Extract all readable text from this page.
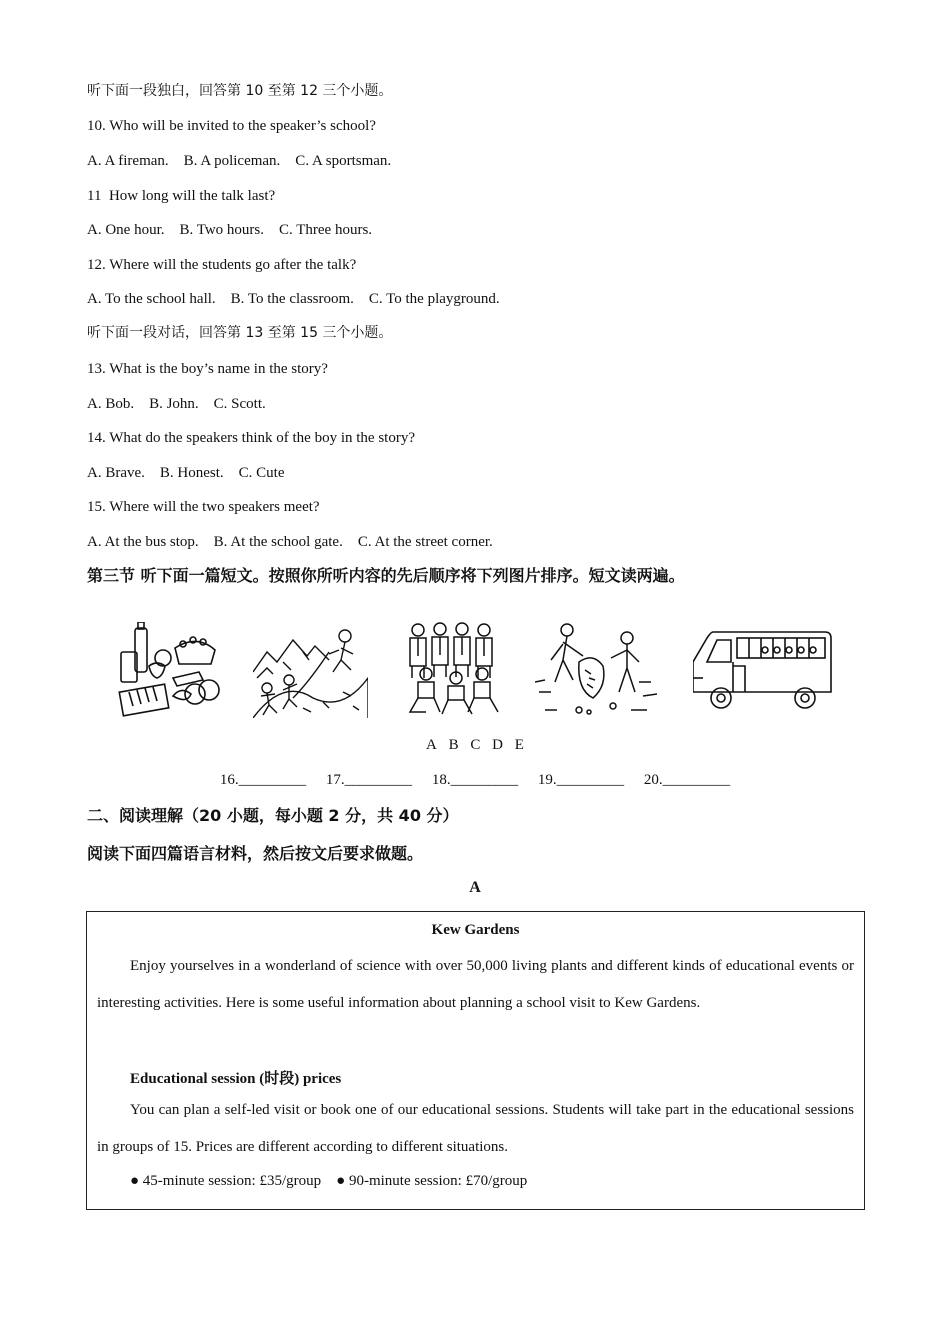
听下面一段独白，回答第 10 至第 12 三个小题。
10. Who will be invited to the speaker’s school?
A. A fireman.    B. A policeman.    C. A sportsman.
11  How long will the talk last?
A. One hour.    B. Two hours.    C. Three hours.
12. Where will the students go after the talk?
A. To the school hall.    B. To the classroom.    C. To the playground.
听下面一段对话，回答第 13 至第 15 三个小题。
13. What is the boy’s name in the story?
A. Bob.    B. John.    C. Scott.
14. What do the speakers think of the boy in the story?
A. Brave.    B. Honest.    C. Cute
15. Where will the two speakers meet?
A. At the bus stop.    B. At the school gate.    C. At the street corner.
第三节 听下面一篇短文。按照你所听内容的先后顺序将下列图片排序。短文读两遍。
A B C D E
16._________ 17._________ 18._________ 19._________ 20._________
二、阅读理解（20 小题，每小题 2 分，共 40 分）
阅读下面四篇语言材料，然后按文后要求做题。
A
Kew Gardens
Enjoy yourselves in a wonderland of science with over 50,000 living plants and different kinds of educational events or interesting activities. Here is some useful information about planning a school visit to Kew Gardens.
Educational session (时段) prices
You can plan a self-led visit or book one of our educational sessions. Students will take part in the educational sessions in groups of 15. Prices are different according to different situations.
● 45-minute session: £35/group    ● 90-minute session: £70/group
